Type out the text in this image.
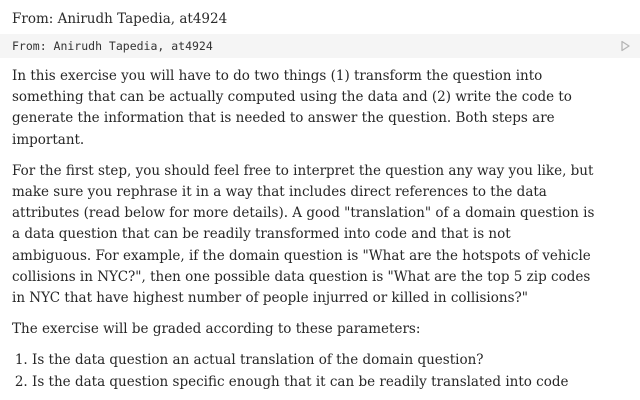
From: Anirudh Tapedia, at4924
From: Anirudh Tapedia, at4924

In this exercise you will have to do two things (1) transform the question into
something that can be actually computed using the data and (2) write the code to
generate the information that is needed to answer the question. Both steps are
important.

For the first step, you should feel free to interpret the question any way you like, but
make sure you rephrase it in a way that includes direct references to the data
attributes (read below for more details). A good "translation" of a domain question is
a data question that can be readily transformed into code and that is not
ambiguous. For example, if the domain question is "What are the hotspots of vehicle
collisions in NYC?", then one possible data question is "What are the top 5 zip codes
in NYC that have highest number of people injurred or killed in collisions?"

The exercise will be graded according to these parameters:

1. Is the data question an actual translation of the domain question?
2. Is the data question specific enough that it can be readily translated into code
